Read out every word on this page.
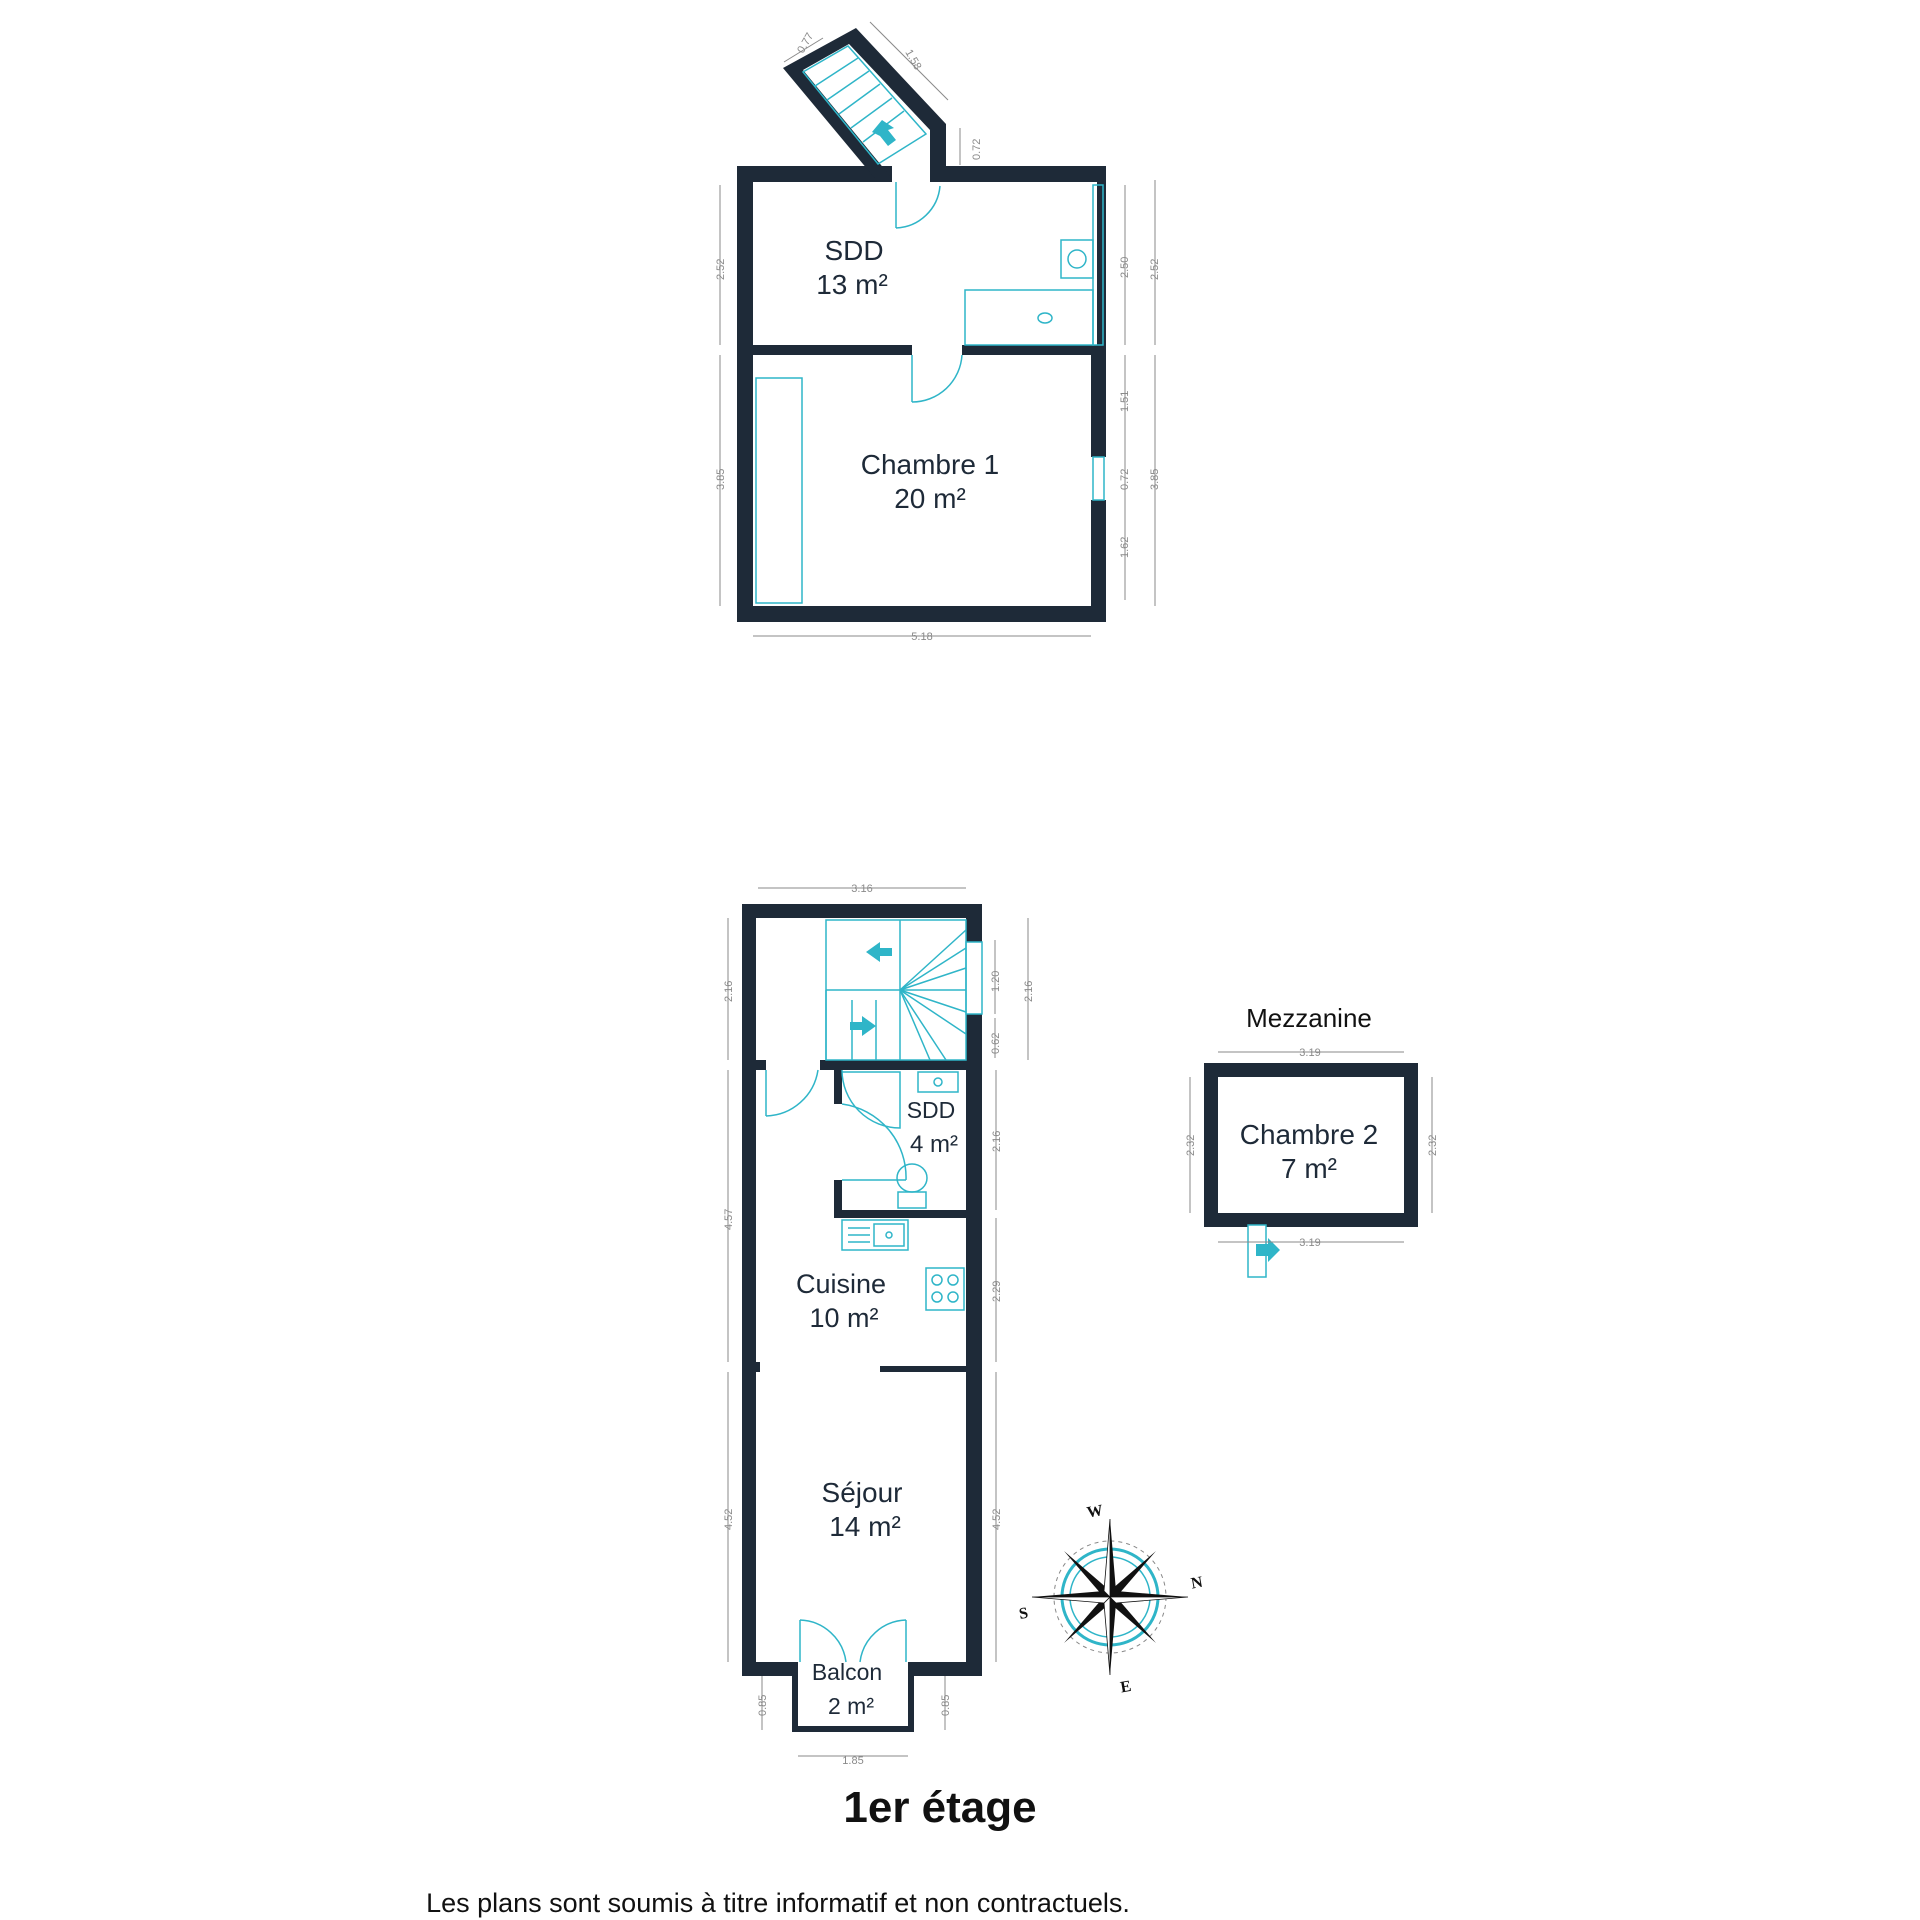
SDD
13 m²
Chambre 1
20 m²
0.77
1.58
0.72
2.52	2.50 2.52
3.85
1.51
0.72 3.85
1.62
5.18
SDD
4 m²
Cuisine
10 m²
Séjour
14 m²
Balcon
2 m²
3.16
2.16	1.20 2.16
0.62
4.57
2.16
2.29
4.52	4.52
0.85	0.85
1.85
Mezzanine
Chambre 2
7 m²
3.19
2.32	2.32
3.19
W
E
S
N
1er étage
Les plans sont soumis à titre informatif et non contractuels.
